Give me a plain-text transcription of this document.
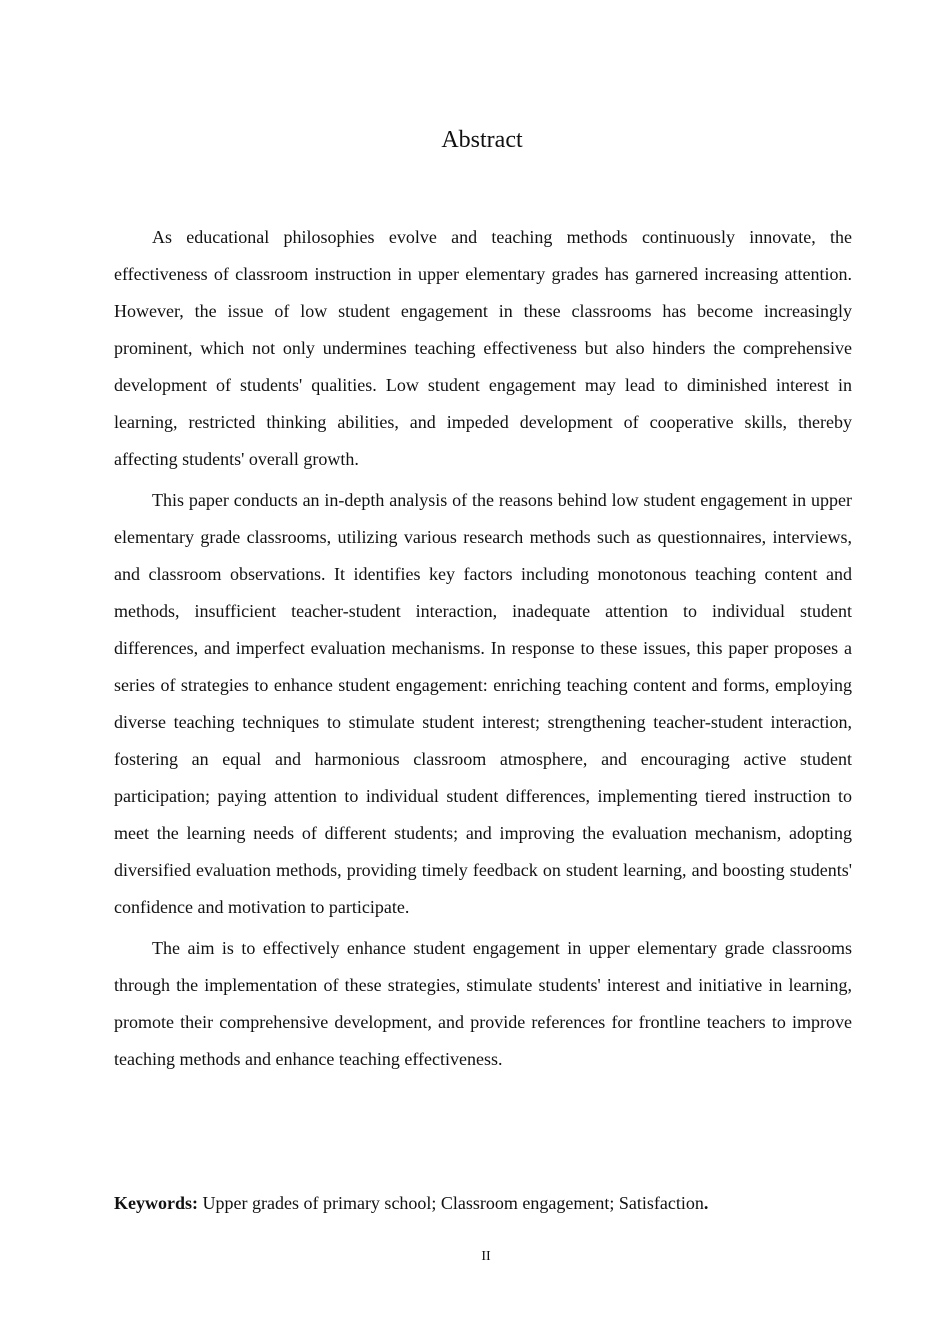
Abstract

As educational philosophies evolve and teaching methods continuously innovate, the effectiveness of classroom instruction in upper elementary grades has garnered increasing attention. However, the issue of low student engagement in these classrooms has become increasingly prominent, which not only undermines teaching effectiveness but also hinders the comprehensive development of students' qualities. Low student engagement may lead to diminished interest in learning, restricted thinking abilities, and impeded development of cooperative skills, thereby affecting students' overall growth.

This paper conducts an in-depth analysis of the reasons behind low student engagement in upper elementary grade classrooms, utilizing various research methods such as questionnaires, interviews, and classroom observations. It identifies key factors including monotonous teaching content and methods, insufficient teacher-student interaction, inadequate attention to individual student differences, and imperfect evaluation mechanisms. In response to these issues, this paper proposes a series of strategies to enhance student engagement: enriching teaching content and forms, employing diverse teaching techniques to stimulate student interest; strengthening teacher-student interaction, fostering an equal and harmonious classroom atmosphere, and encouraging active student participation; paying attention to individual student differences, implementing tiered instruction to meet the learning needs of different students; and improving the evaluation mechanism, adopting diversified evaluation methods, providing timely feedback on student learning, and boosting students' confidence and motivation to participate.

The aim is to effectively enhance student engagement in upper elementary grade classrooms through the implementation of these strategies, stimulate students' interest and initiative in learning, promote their comprehensive development, and provide references for frontline teachers to improve teaching methods and enhance teaching effectiveness.

Keywords: Upper grades of primary school; Classroom engagement; Satisfaction.

II
